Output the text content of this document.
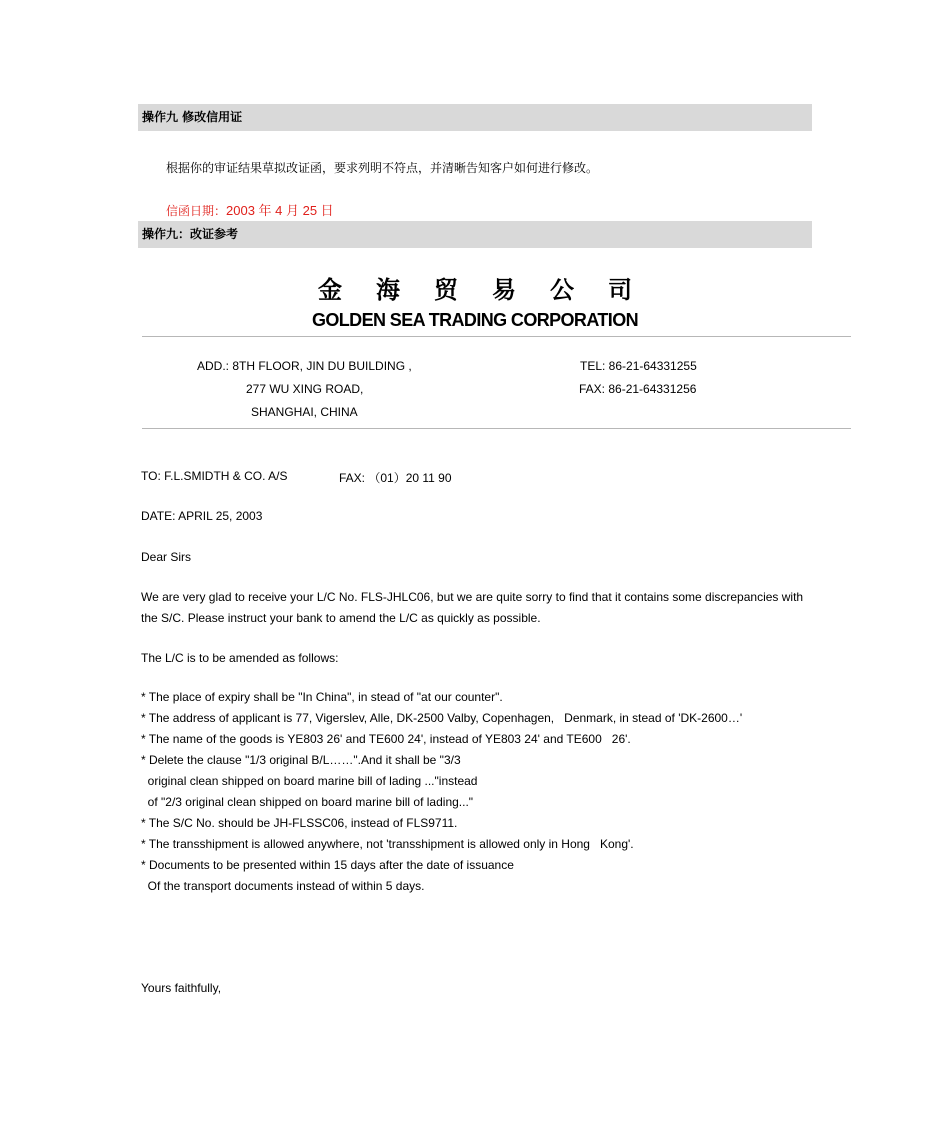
操作九 修改信用证
根据你的审证结果草拟改证函，要求列明不符点，并清晰告知客户如何进行修改。
信函日期：2003 年 4 月 25 日
操作九：改证参考
金海贸易公司
GOLDEN SEA TRADING CORPORATION
ADD.: 8TH FLOOR, JIN DU BUILDING ,
277 WU XING ROAD,
SHANGHAI, CHINA
TEL: 86-21-64331255
FAX: 86-21-64331256
TO: F.L.SMIDTH & CO. A/S	FAX: （01）20 11 90
DATE: APRIL 25, 2003
Dear Sirs
We are very glad to receive your L/C No. FLS-JHLC06, but we are quite sorry to find that it contains some discrepancies with
the S/C. Please instruct your bank to amend the L/C as quickly as possible.
The L/C is to be amended as follows:
* The place of expiry shall be "In China", in stead of "at our counter".
* The address of applicant is 77, Vigerslev, Alle, DK-2500 Valby, Copenhagen,   Denmark, in stead of 'DK-2600…'
* The name of the goods is YE803 26' and TE600 24', instead of YE803 24' and TE600   26'.
* Delete the clause "1/3 original B/L……".And it shall be "3/3
original clean shipped on board marine bill of lading ..."instead
of "2/3 original clean shipped on board marine bill of lading..."
* The S/C No. should be JH-FLSSC06, instead of FLS9711.
* The transshipment is allowed anywhere, not 'transshipment is allowed only in Hong   Kong'.
* Documents to be presented within 15 days after the date of issuance
Of the transport documents instead of within 5 days.
Yours faithfully,
